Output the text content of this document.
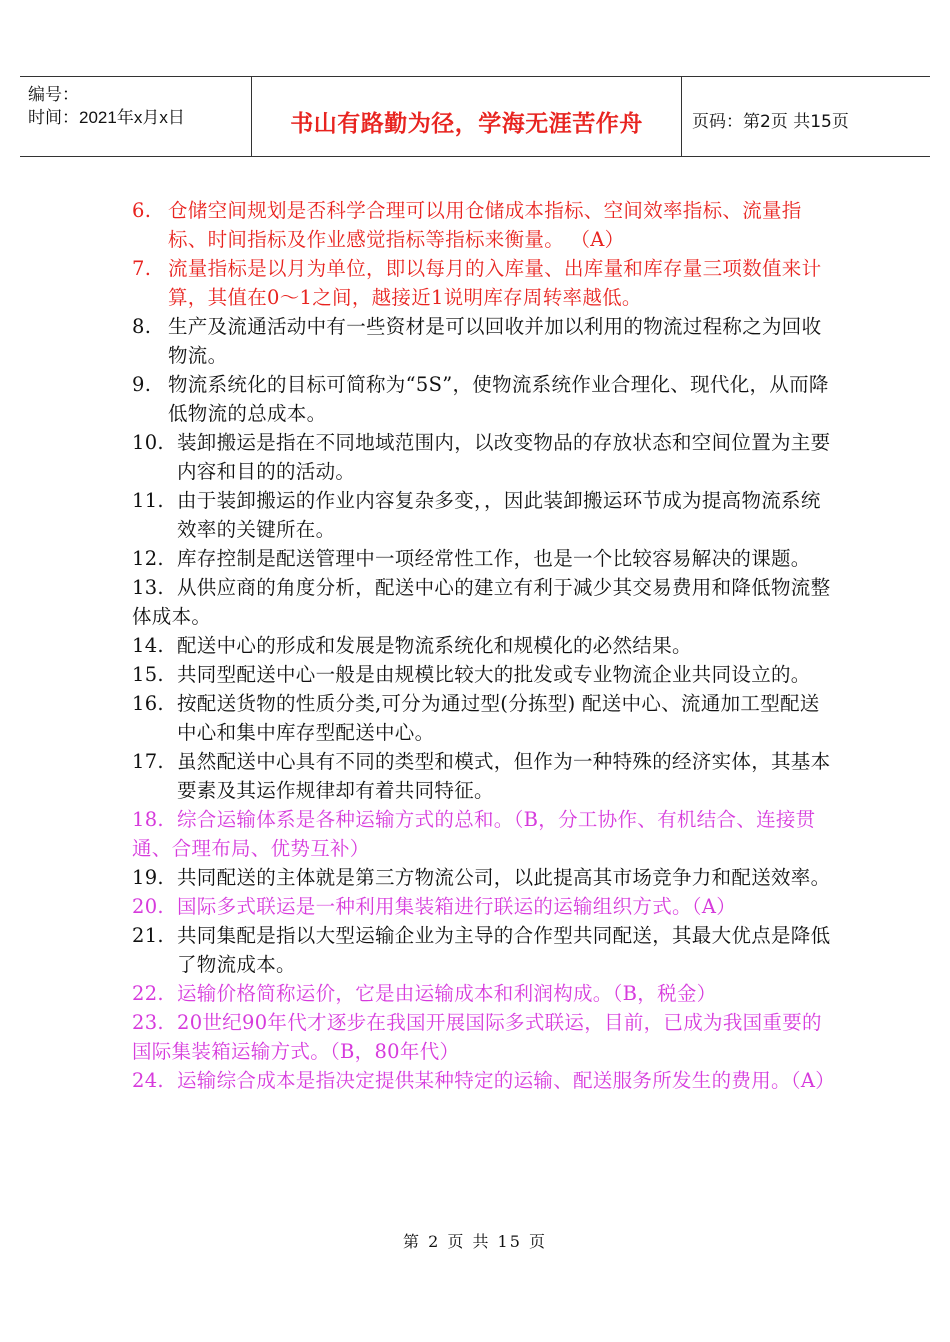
编号：
时间：2021年x月x日	书山有路勤为径，学海无涯苦作舟	页码：第2页 共15页
6. 仓储空间规划是否科学合理可以用仓储成本指标、空间效率指标、流量指标、时间指标及作业感觉指标等指标来衡量。 （A）
7. 流量指标是以月为单位，即以每月的入库量、出库量和库存量三项数值来计算，其值在0～1之间，越接近1说明库存周转率越低。
8. 生产及流通活动中有一些资材是可以回收并加以利用的物流过程称之为回收物流。
9. 物流系统化的目标可简称为“5S”，使物流系统作业合理化、现代化，从而降低物流的总成本。
10. 装卸搬运是指在不同地域范围内，以改变物品的存放状态和空间位置为主要内容和目的的活动。
11. 由于装卸搬运的作业内容复杂多变，，因此装卸搬运环节成为提高物流系统效率的关键所在。
12. 库存控制是配送管理中一项经常性工作，也是一个比较容易解决的课题。
13. 从供应商的角度分析，配送中心的建立有利于减少其交易费用和降低物流整体成本。
14. 配送中心的形成和发展是物流系统化和规模化的必然结果。
15. 共同型配送中心一般是由规模比较大的批发或专业物流企业共同设立的。
16. 按配送货物的性质分类,可分为通过型(分拣型) 配送中心、流通加工型配送中心和集中库存型配送中心。
17. 虽然配送中心具有不同的类型和模式，但作为一种特殊的经济实体，其基本要素及其运作规律却有着共同特征。
18. 综合运输体系是各种运输方式的总和。（B，分工协作、有机结合、连接贯通、合理布局、优势互补）
19. 共同配送的主体就是第三方物流公司，以此提高其市场竞争力和配送效率。
20. 国际多式联运是一种利用集装箱进行联运的运输组织方式。（A）
21. 共同集配是指以大型运输企业为主导的合作型共同配送，其最大优点是降低了物流成本。
22. 运输价格简称运价，它是由运输成本和利润构成。（B，税金）
23. 20世纪90年代才逐步在我国开展国际多式联运，目前，已成为我国重要的国际集装箱运输方式。（B，80年代）
24. 运输综合成本是指决定提供某种特定的运输、配送服务所发生的费用。（A）
第 2 页 共 15 页
